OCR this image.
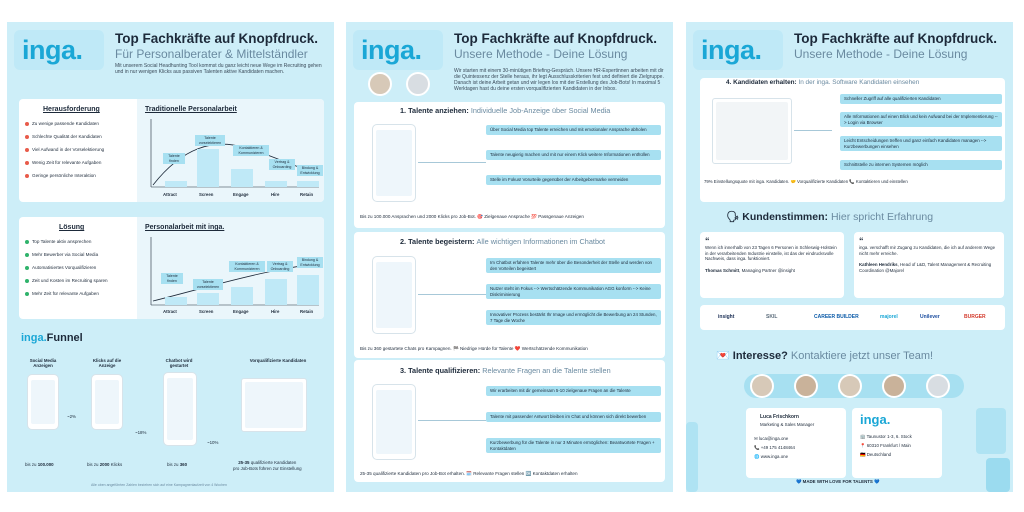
inga.	Top Fachkräfte auf Knopfdruck.
Für Personalberater & Mittelständler
Mit unserem Social Headhunting Tool kommst du ganz leicht neue Wege im Recruiting gehen und in nur wenigen Klicks aus passiven Talenten aktive Kandidaten machen.
Herausforderung
Zu wenige passende Kandidaten
Schlechte Qualität der Kandidaten
Viel Aufwand in der Vorselektierung
Wenig Zeit für relevante Aufgaben
Geringe persönliche Interaktion
Traditionelle Personalarbeit
Talente finden
Talente vorselektieren
Kontaktieren & Kommunizieren
Vertrag & Onboarding	Bindung & Entwicklung
Attract	Screen	Engage	Hire	Retain
Lösung
Top Talente aktiv ansprechen
Mehr Bewerber via Social Media
Automatisiertes Vorqualifizieren
Zeit und Kosten im Recruiting sparen
Mehr Zeit für relevante Aufgaben
Personalarbeit mit inga.
Talente finden	Talente vorselektieren
Kontaktieren & Kommunizieren
Vertrag & Onboarding
Bindung & Entwicklung
Attract	Screen	Engage	Hire	Retain
inga.Funnel
Social Media Anzeigen
Klicks auf die Anzeige
Chatbot wird gestartet
Vorqualifizierte Kandidaten
~2%
~18%
~10%
bis zu 100.000	bis zu 2000 Klicks	bis zu 360	25-35 qualifizierte Kandidaten
pro Job-Bots führen zur Einstellung
Alle oben angeführten Zahlen beziehen sich auf eine Kampagnenlaufzeit von 4 Wochen
inga.	Top Fachkräfte auf Knopfdruck.
Unsere Methode - Deine Lösung
Wir starten mit einem 30-minütigen Briefing-Gespräch. Unsere HR-Expertinnen arbeiten mit dir die Quintessenz der Stelle heraus, ihr legt Ausschlusskriterien fest und definiert die Zielgruppe. Danach ist deine Arbeit getan und wir legen los mit der Erstellung des Job-Bots! In maximal 5 Werktagen hast du deine ersten vorqualifizierten Kandidaten in der Inbox.
1. Talente anziehen: Individuelle Job-Anzeige über Social Media
Über Social Media top Talente erreichen und mit emotionaler Ansprache abholen
Talente neugierig machen und mit nur einem Klick weitere Informationen enthüllen
Stelle im Fokus! Vorurteile gegenüber der Arbeitgebermarke vermeiden
Bis zu 100.000 Ansprachen und 2000 Klicks pro Job-Bot. 🎯 Zielgenaue Ansprache 💯 Passgenaue Anzeigen
2. Talente begeistern: Alle wichtigen Informationen im Chatbot
Im Chatbot erfahren Talente mehr über die Besonderheit der Stelle und werden von den Vorteilen begeistert
Nutzer steht im Fokus --> Wertschätzende Kommunikation AGG konform --> Keine Diskriminierung
Innovativer Prozess bestärkt Ihr Image und ermöglicht die Bewerbung an 24 Stunden, 7 Tage die Woche
Bis zu 360 gestartete Chats pro Kampagnen. 🏁 Niedrige Hürde für Talente ❤️ Wertschätzende Kommunikation
3. Talente qualifizieren: Relevante Fragen an die Talente stellen
Wir erarbeiten mit dir gemeinsam 5-10 zielgenaue Fragen an die Talente
Talente mit passender Antwort bleiben im Chat und können sich direkt bewerben
Kurzbewerbung für die Talente in nur 3 Minuten ermöglichen: Beantwortete Fragen + Kontaktdaten
25-35 qualifizierte Kandidaten pro Job-Bot erhalten. 🗓️ Relevante Fragen stellen 🆗 Kontaktdaten erhalten
inga.	Top Fachkräfte auf Knopfdruck.
Unsere Methode - Deine Lösung
4. Kandidaten erhalten: In der inga. Software Kandidaten einsehen
Schneller Zugriff auf alle qualifizierten Kandidaten
Alle Informationen auf einen Blick und kein Aufwand bei der Implementierung --> Login via Browser
Leicht Entscheidungen treffen und ganz einfach Kandidaten managen --> Kurzbewerbungen einsehen
Schnittstelle zu internen Systemen möglich
79% Einstellungsquote mit inga. Kandidaten. 🤝 Vorqualifizierte Kandidaten 📞 Kontaktieren und einstellen
🗣 Kundenstimmen: Hier spricht Erfahrung
“
Wenn ich innerhalb von 23 Tagen 6 Personen in Schleswig-Holstein in der verarbeitenden Industrie einstelle, ist das der eindrucksvolle Nachweis, dass inga. funktioniert.
Thomas Schmitt, Managing Partner @insight
“
inga. verschafft mir Zugang zu Kandidaten, die ich auf anderem Wege nicht mehr erreiche.
Kathleen Hendriks, Head of L&D, Talent Management & Recruiting Coordination @Majorel
insight	SKIL	CAREER BUILDER	majorel	Unilever	BURGER
💌 Interesse? Kontaktiere jetzt unser Team!
Luca Frischkorn
Marketing & Sales Manager
✉ luca@inga.one
📞 +49 175 4148464
🌐 www.inga.one
inga.
🏢 Taunustor 1-3, 6. Stock
📍 60310 Frankfurt / Main
🇩🇪 Deutschland
💙 MADE WITH LOVE FOR TALENTS 💙
